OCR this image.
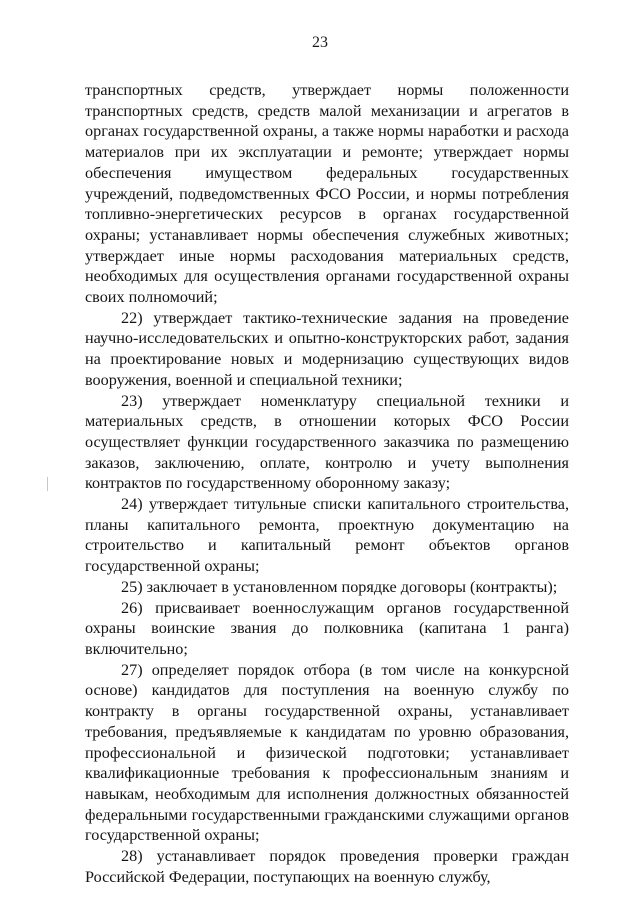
23

транспортных средств, утверждает нормы положенности транспортных средств, средств малой механизации и агрегатов в органах государственной охраны, а также нормы наработки и расхода материалов при их эксплуатации и ремонте; утверждает нормы обеспечения имуществом федеральных государственных учреждений, подведомственных ФСО России, и нормы потребления топливно-энергетических ресурсов в органах государственной охраны; устанавливает нормы обеспечения служебных животных; утверждает иные нормы расходования материальных средств, необходимых для осуществления органами государственной охраны своих полномочий;

22) утверждает тактико-технические задания на проведение научно-исследовательских и опытно-конструкторских работ, задания на проектирование новых и модернизацию существующих видов вооружения, военной и специальной техники;

23) утверждает номенклатуру специальной техники и материальных средств, в отношении которых ФСО России осуществляет функции государственного заказчика по размещению заказов, заключению, оплате, контролю и учету выполнения контрактов по государственному оборонному заказу;

24) утверждает титульные списки капитального строительства, планы капитального ремонта, проектную документацию на строительство и капитальный ремонт объектов органов государственной охраны;

25) заключает в установленном порядке договоры (контракты);

26) присваивает военнослужащим органов государственной охраны воинские звания до полковника (капитана 1 ранга) включительно;

27) определяет порядок отбора (в том числе на конкурсной основе) кандидатов для поступления на военную службу по контракту в органы государственной охраны, устанавливает требования, предъявляемые к кандидатам по уровню образования, профессиональной и физической подготовки; устанавливает квалификационные требования к профессиональным знаниям и навыкам, необходимым для исполнения должностных обязанностей федеральными государственными гражданскими служащими органов государственной охраны;

28) устанавливает порядок проведения проверки граждан Российской Федерации, поступающих на военную службу,
